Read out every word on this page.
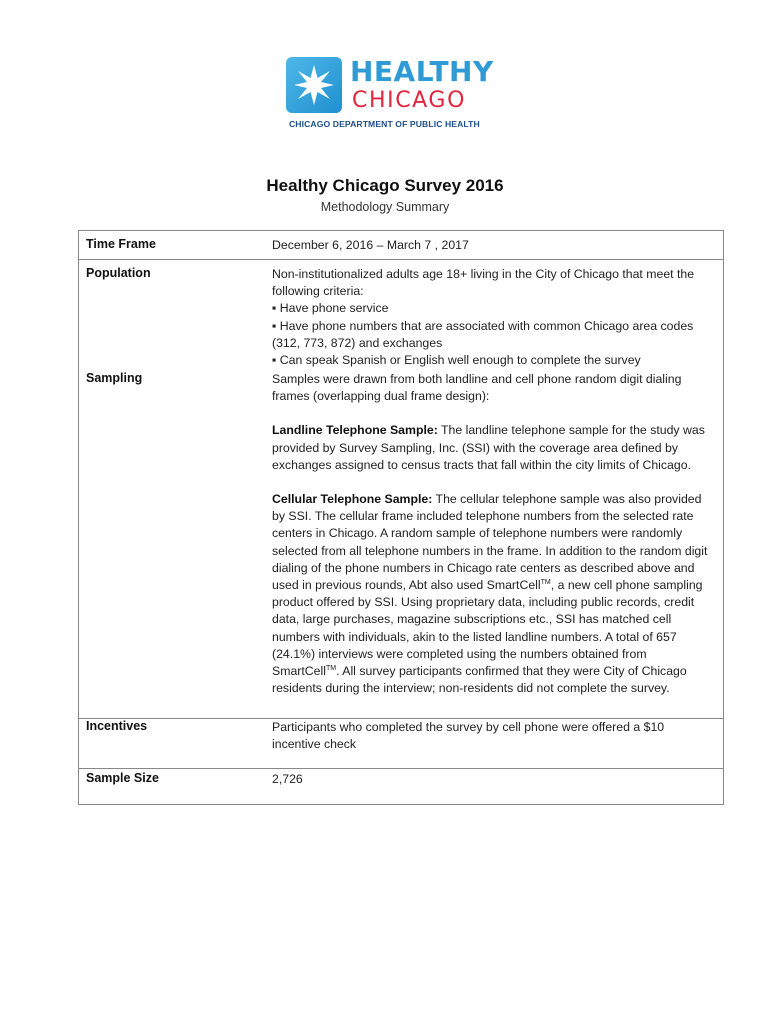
HEALTHY
CHICAGO
CHICAGO DEPARTMENT OF PUBLIC HEALTH
Healthy Chicago Survey 2016
Methodology Summary
Time Frame	December 6, 2016 – March 7 , 2017
Population	Non-institutionalized adults age 18+ living in the City of Chicago that meet the

following criteria:

▪ Have phone service

▪ Have phone numbers that are associated with common Chicago area codes

(312, 773, 872) and exchanges

▪ Can speak Spanish or English well enough to complete the survey

Sampling	Samples were drawn from both landline and cell phone random digit dialing frames (overlapping dual frame design):

Landline Telephone Sample: The landline telephone sample for the study was provided by Survey Sampling, Inc. (SSI) with the coverage area defined by exchanges assigned to census tracts that fall within the city limits of Chicago.

Cellular Telephone Sample: The cellular telephone sample was also provided by SSI. The cellular frame included telephone numbers from the selected rate centers in Chicago. A random sample of telephone numbers were randomly selected from all telephone numbers in the frame. In addition to the random digit dialing of the phone numbers in Chicago rate centers as described above and used in previous rounds, Abt also used SmartCell™, a new cell phone sampling product offered by SSI. Using proprietary data, including public records, credit data, large purchases, magazine subscriptions etc., SSI has matched cell numbers with individuals, akin to the listed landline numbers. A total of 657 (24.1%) interviews were completed using the numbers obtained from SmartCell™. All survey participants confirmed that they were City of Chicago residents during the interview; non-residents did not complete the survey.

Incentives	Participants who completed the survey by cell phone were offered a $10 incentive check
Sample Size	2,726
